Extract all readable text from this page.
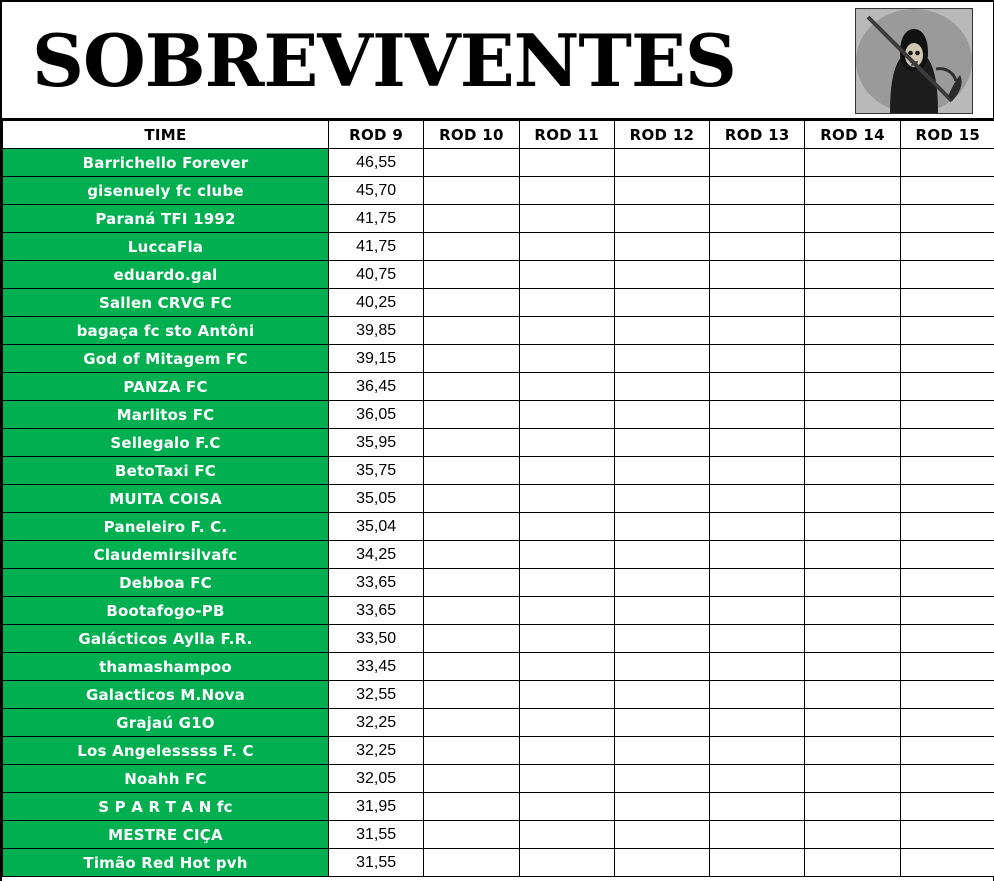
SOBREVIVENTES
TIME	ROD 9	ROD 10	ROD 11	ROD 12	ROD 13	ROD 14	ROD 15
Barrichello Forever	46,55						
gisenuely fc clube	45,70						
Paraná TFI 1992	41,75						
LuccaFla	41,75						
eduardo.gal	40,75						
Sallen CRVG FC	40,25						
bagaça fc sto Antôni	39,85						
God of Mitagem FC	39,15						
PANZA FC	36,45						
Marlitos FC	36,05						
Sellegalo F.C	35,95						
BetoTaxi FC	35,75						
MUITA COISA	35,05						
Paneleiro F. C.	35,04						
Claudemirsilvafc	34,25						
Debboa FC	33,65						
Bootafogo-PB	33,65						
Galácticos Aylla F.R.	33,50						
thamashampoo	33,45						
Galacticos M.Nova	32,55						
Grajaú G1O	32,25						
Los Angelesssss F. C	32,25						
Noahh FC	32,05						
S P A R T A N fc	31,95						
MESTRE CIÇA	31,55						
Timão Red Hot pvh	31,55						
